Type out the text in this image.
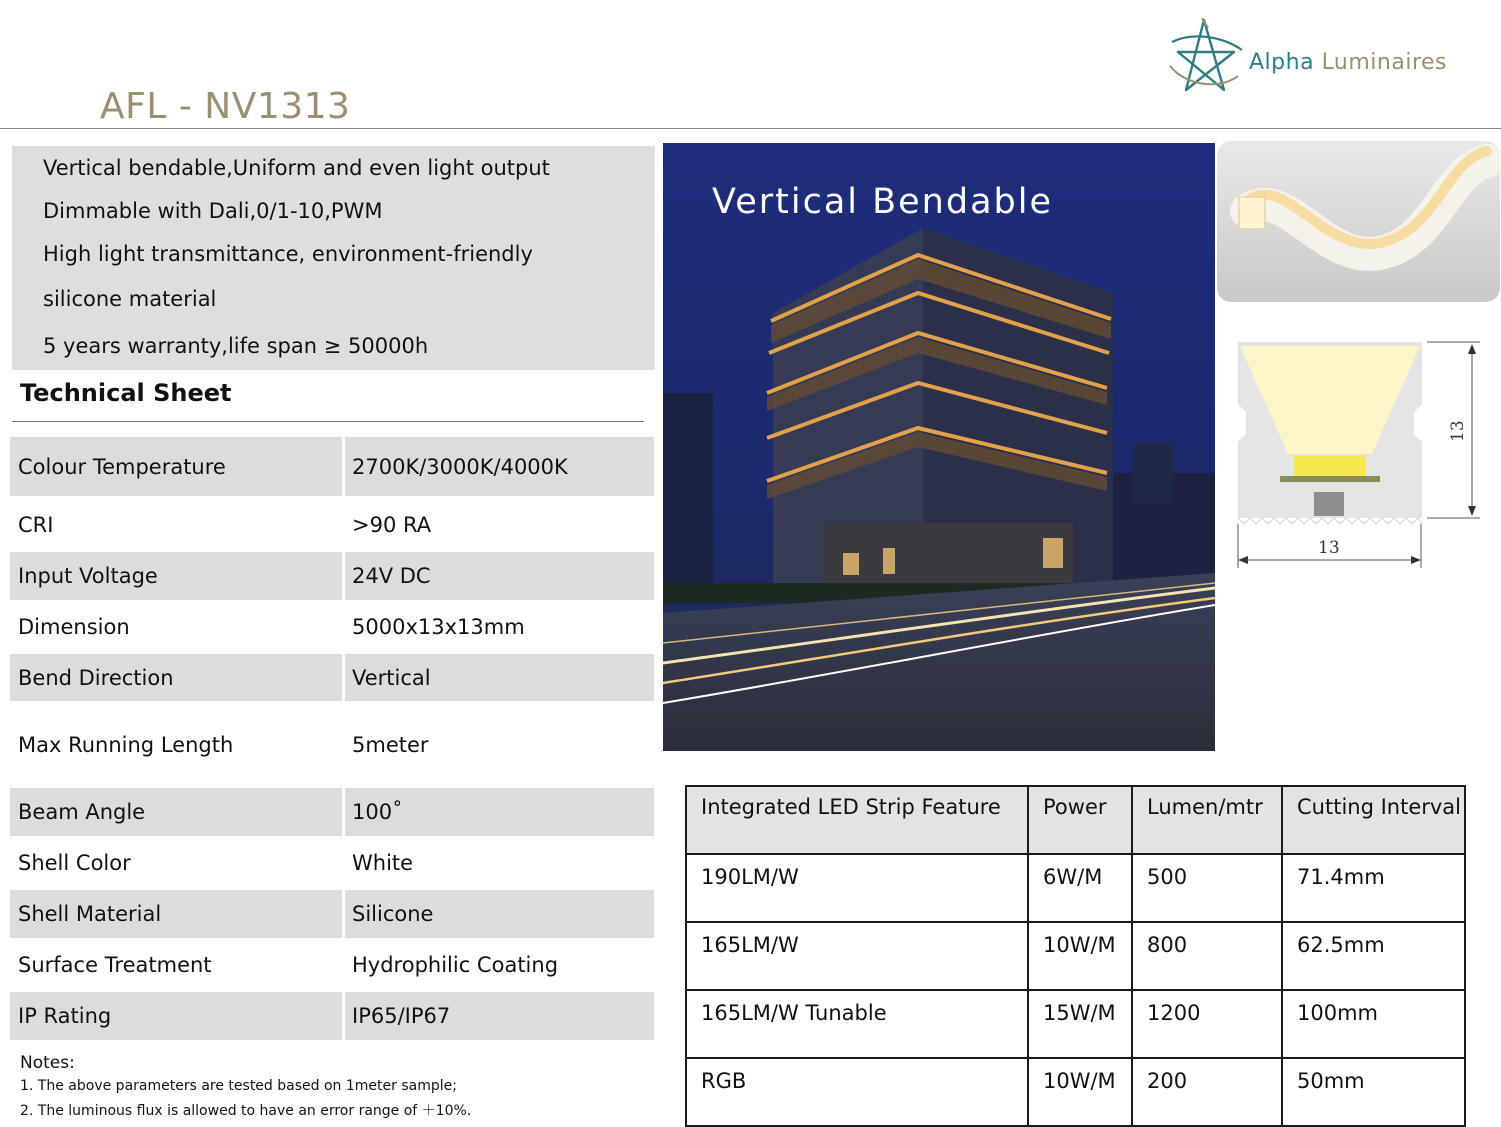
AFL - NV1313
Alpha Luminaires
Vertical bendable,Uniform and even light output
Dimmable with Dali,0/1-10,PWM
High light transmittance, environment-friendly
silicone material
5 years warranty,life span ≥ 50000h
Technical Sheet
Colour Temperature	2700K/3000K/4000K
CRI	>90 RA
Input Voltage	24V DC
Dimension	5000x13x13mm
Bend Direction	Vertical
Max Running Length	5meter
Beam Angle	100˚
Shell Color	White
Shell Material	Silicone
Surface Treatment	Hydrophilic Coating
IP Rating	IP65/IP67
Notes:
1. The above parameters are tested based on 1meter sample;
2. The luminous flux is allowed to have an error range of ＋10%.
Vertical Bendable
13
13
Integrated LED Strip Feature	Power	Lumen/mtr	Cutting Interval
190LM/W	6W/M	500	71.4mm
165LM/W	10W/M	800	62.5mm
165LM/W Tunable	15W/M	1200	100mm
RGB	10W/M	200	50mm
